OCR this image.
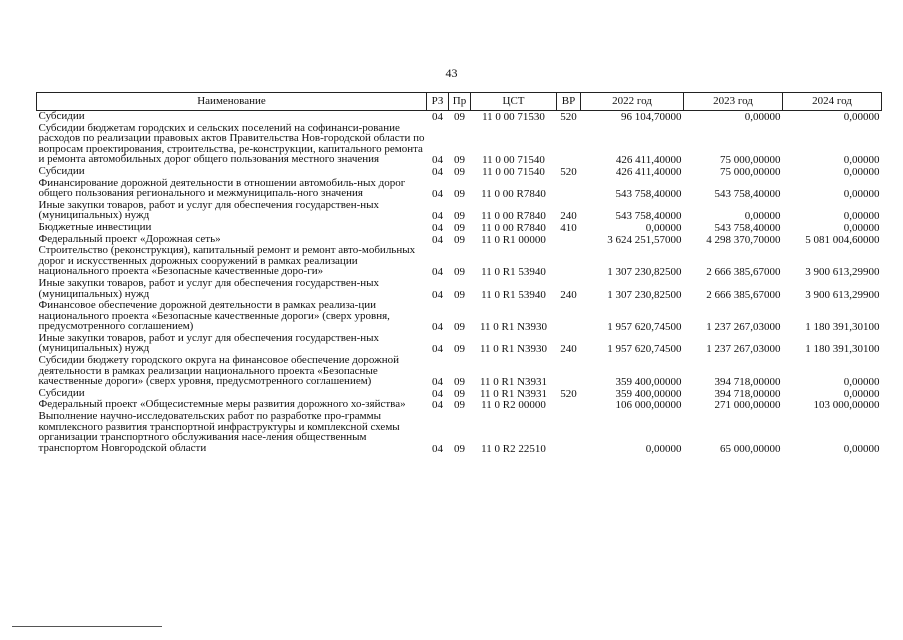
43
Наименование	РЗ	Пр	ЦСТ	ВР	2022 год	2023 год	2024 год
Субсидии	04	09	11 0 00 71530	520	96 104,70000	0,00000	0,00000
Субсидии бюджетам городских и сельских поселений на софинанси-рование расходов по реализации правовых актов Правительства Нов-городской области по вопросам проектирования, строительства, ре-конструкции, капитального ремонта и ремонта автомобильных дорог общего пользования местного значения	04	09	11 0 00 71540		426 411,40000	75 000,00000	0,00000
Субсидии	04	09	11 0 00 71540	520	426 411,40000	75 000,00000	0,00000
Финансирование дорожной деятельности в отношении автомобиль-ных дорог общего пользования регионального и межмуниципаль-ного значения	04	09	11 0 00 R7840		543 758,40000	543 758,40000	0,00000
Иные закупки товаров, работ и услуг для обеспечения государствен-ных (муниципальных) нужд	04	09	11 0 00 R7840	240	543 758,40000	0,00000	0,00000
Бюджетные инвестиции	04	09	11 0 00 R7840	410	0,00000	543 758,40000	0,00000
Федеральный проект «Дорожная сеть»	04	09	11 0 R1 00000		3 624 251,57000	4 298 370,70000	5 081 004,60000
Строительство (реконструкция), капитальный ремонт и ремонт авто-мобильных дорог и искусственных дорожных сооружений в рамках реализации национального проекта «Безопасные качественные доро-ги»	04	09	11 0 R1 53940		1 307 230,82500	2 666 385,67000	3 900 613,29900
Иные закупки товаров, работ и услуг для обеспечения государствен-ных (муниципальных) нужд	04	09	11 0 R1 53940	240	1 307 230,82500	2 666 385,67000	3 900 613,29900
Финансовое обеспечение дорожной деятельности в рамках реализа-ции национального проекта «Безопасные качественные дороги» (сверх уровня, предусмотренного соглашением)	04	09	11 0 R1 N3930		1 957 620,74500	1 237 267,03000	1 180 391,30100
Иные закупки товаров, работ и услуг для обеспечения государствен-ных (муниципальных) нужд	04	09	11 0 R1 N3930	240	1 957 620,74500	1 237 267,03000	1 180 391,30100
Субсидии бюджету городского округа на финансовое обеспечение дорожной деятельности в рамках реализации национального проекта «Безопасные качественные дороги» (сверх уровня, предусмотренного соглашением)	04	09	11 0 R1 N3931		359 400,00000	394 718,00000	0,00000
Субсидии	04	09	11 0 R1 N3931	520	359 400,00000	394 718,00000	0,00000
Федеральный проект «Общесистемные меры развития дорожного хо-зяйства»	04	09	11 0 R2 00000		106 000,00000	271 000,00000	103 000,00000
Выполнение научно-исследовательских работ по разработке про-граммы комплексного развития транспортной инфраструктуры и комплексной схемы организации транспортного обслуживания насе-ления общественным транспортом Новгородской области	04	09	11 0 R2 22510		0,00000	65 000,00000	0,00000
